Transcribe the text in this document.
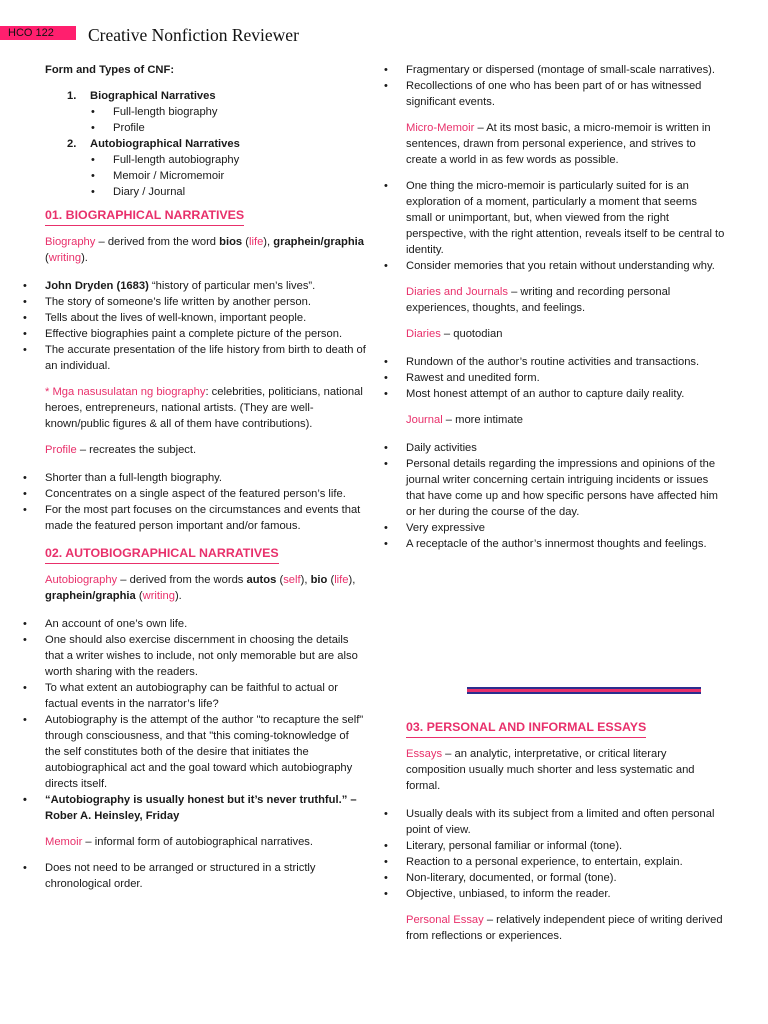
HCO 122	Creative Nonfiction Reviewer

Form and Types of CNF:

1. Biographical Narratives
• Full-length biography
• Profile
2. Autobiographical Narratives
• Full-length autobiography
• Memoir / Micromemoir
• Diary / Journal
01. BIOGRAPHICAL NARRATIVES

Biography – derived from the word bios (life), graphein/graphia (writing).

• John Dryden (1683) “history of particular men’s lives”.
• The story of someone’s life written by another person.
• Tells about the lives of well-known, important people.
• Effective biographies paint a complete picture of the person.
• The accurate presentation of the life history from birth to death of an individual.

* Mga nasusulatan ng biography: celebrities, politicians, national heroes, entrepreneurs, national artists. (They are well-known/public figures & all of them have contributions).

Profile – recreates the subject.

• Shorter than a full-length biography.
• Concentrates on a single aspect of the featured person’s life.
• For the most part focuses on the circumstances and events that made the featured person important and/or famous.
02. AUTOBIOGRAPHICAL NARRATIVES

Autobiography – derived from the words autos (self), bio (life), graphein/graphia (writing).

• An account of one’s own life.
• One should also exercise discernment in choosing the details that a writer wishes to include, not only memorable but are also worth sharing with the readers.
• To what extent an autobiography can be faithful to actual or factual events in the narrator’s life?
• Autobiography is the attempt of the author "to recapture the self" through consciousness, and that "this coming-toknowledge of the self constitutes both of the desire that initiates the autobiographical act and the goal toward which autobiography directs itself.
• “Autobiography is usually honest but it’s never truthful.” – Rober A. Heinsley, Friday

Memoir – informal form of autobiographical narratives.

• Does not need to be arranged or structured in a strictly chronological order.
• Fragmentary or dispersed (montage of small-scale narratives).
• Recollections of one who has been part of or has witnessed significant events.

Micro-Memoir – At its most basic, a micro-memoir is written in sentences, drawn from personal experience, and strives to create a world in as few words as possible.

• One thing the micro-memoir is particularly suited for is an exploration of a moment, particularly a moment that seems small or unimportant, but, when viewed from the right perspective, with the right attention, reveals itself to be central to identity.
• Consider memories that you retain without understanding why.

Diaries and Journals – writing and recording personal experiences, thoughts, and feelings.

Diaries – quotodian

• Rundown of the author’s routine activities and transactions.
• Rawest and unedited form.
• Most honest attempt of an author to capture daily reality.

Journal – more intimate

• Daily activities
• Personal details regarding the impressions and opinions of the journal writer concerning certain intriguing incidents or issues that have come up and how specific persons have affected him or her during the course of the day.
• Very expressive
• A receptacle of the author’s innermost thoughts and feelings.
03. PERSONAL AND INFORMAL ESSAYS

Essays – an analytic, interpretative, or critical literary composition usually much shorter and less systematic and formal.

• Usually deals with its subject from a limited and often personal point of view.
• Literary, personal familiar or informal (tone).
• Reaction to a personal experience, to entertain, explain.
• Non-literary, documented, or formal (tone).
• Objective, unbiased, to inform the reader.

Personal Essay – relatively independent piece of writing derived from reflections or experiences.
